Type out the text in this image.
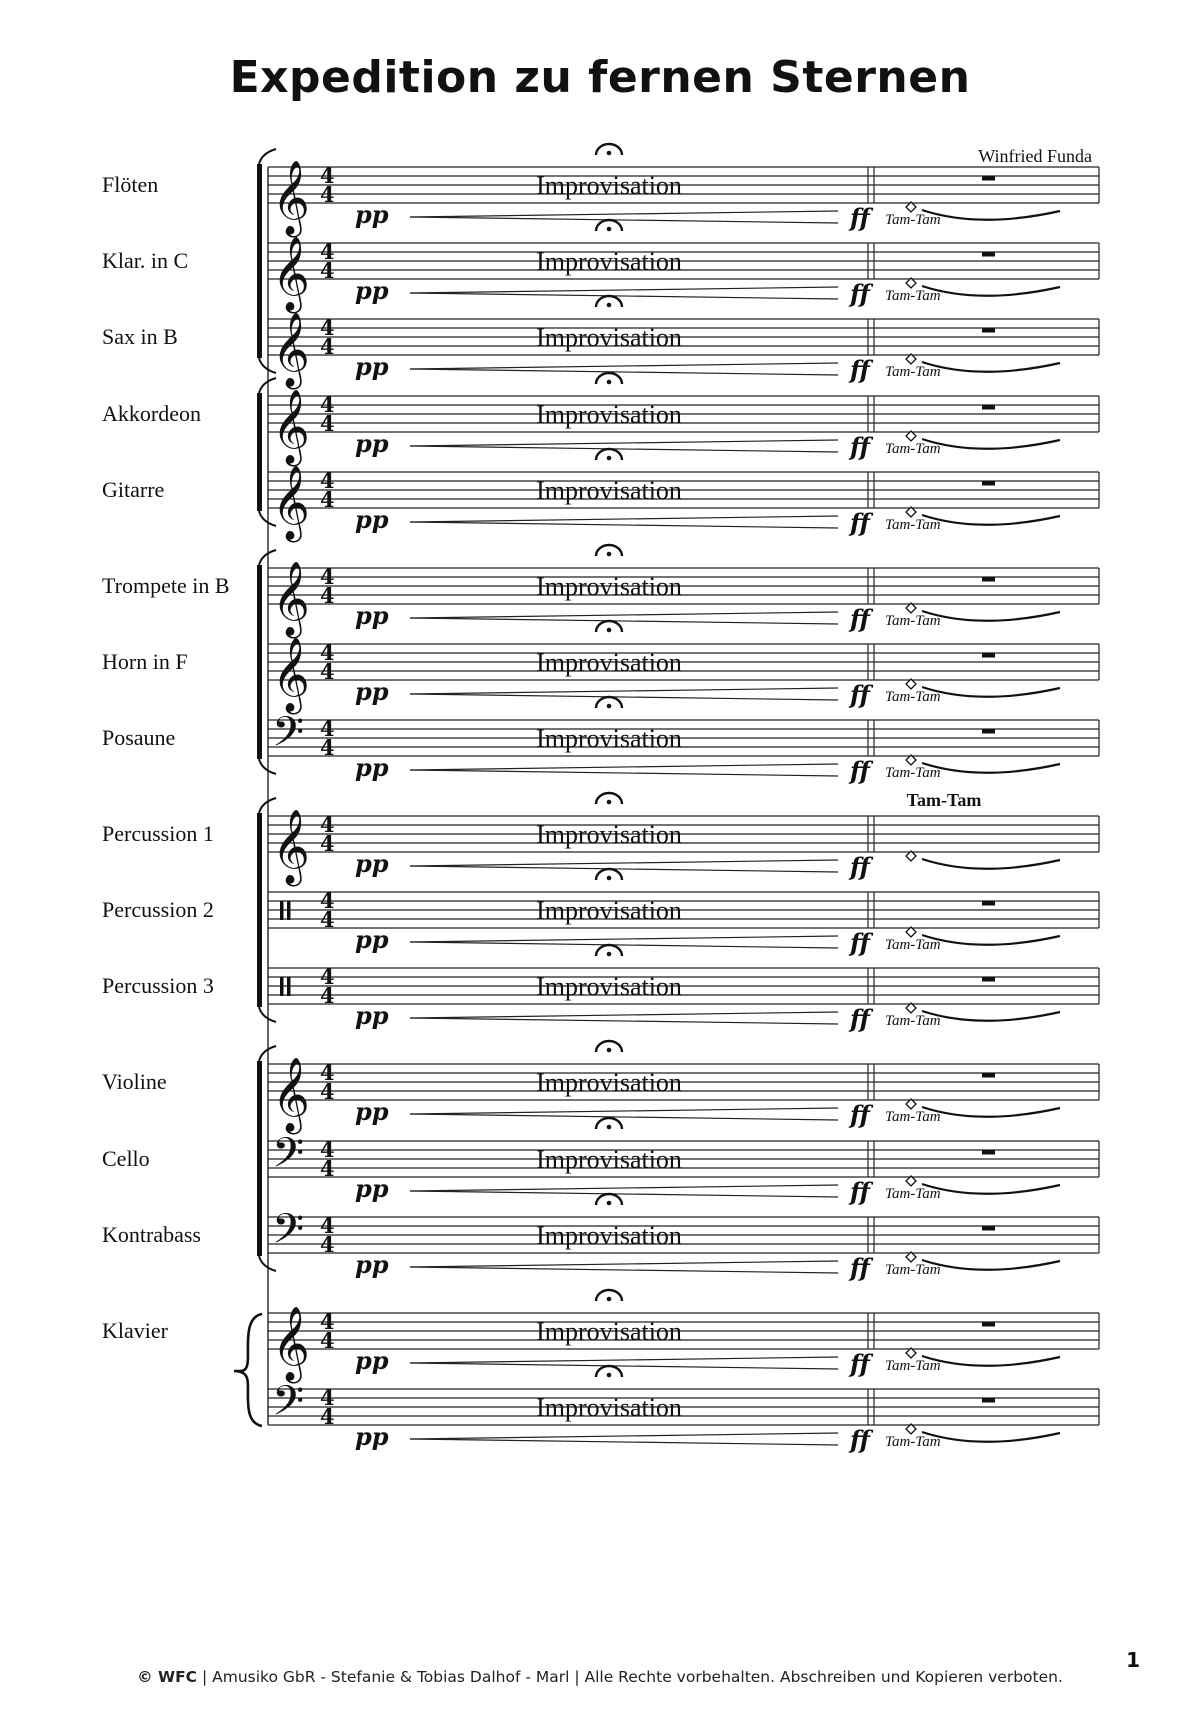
Expedition zu fernen Sternen
Winfried Funda
Flöten 𝄞 4
4	Improvisation
pp	ff Tam-Tam
Klar. in C 𝄞 4
4	Improvisation
pp	ff Tam-Tam
Sax in B 𝄞 4
4	Improvisation
pp	ff Tam-Tam
Akkordeon 𝄞 4
4	Improvisation
pp	ff Tam-Tam
Gitarre 𝄞 4
4	Improvisation
pp	ff Tam-Tam
Trompete in B 𝄞 4
4	Improvisation
pp	ff Tam-Tam
Horn in F 𝄞 4
4	Improvisation
pp	ff Tam-Tam
Posaune 𝄢 4
4	Improvisation
pp	ff Tam-Tam
Percussion 1 𝄞 4
4	Improvisation
Tam-Tam
pp	ff
Percussion 2	4
4	Improvisation
pp	ff Tam-Tam
Percussion 3	4
4	Improvisation
pp	ff Tam-Tam
Violine 𝄞 4
4	Improvisation
pp	ff Tam-Tam
Cello 𝄢 4
4	Improvisation
pp	ff Tam-Tam
Kontrabass 𝄢 4
4	Improvisation
pp	ff Tam-Tam
Klavier 𝄞 4
4	Improvisation
pp	ff Tam-Tam
𝄢 4
4	Improvisation
pp	ff Tam-Tam
© WFC | Amusiko GbR - Stefanie & Tobias Dalhof - Marl | Alle Rechte vorbehalten. Abschreiben und Kopieren verboten.
1
